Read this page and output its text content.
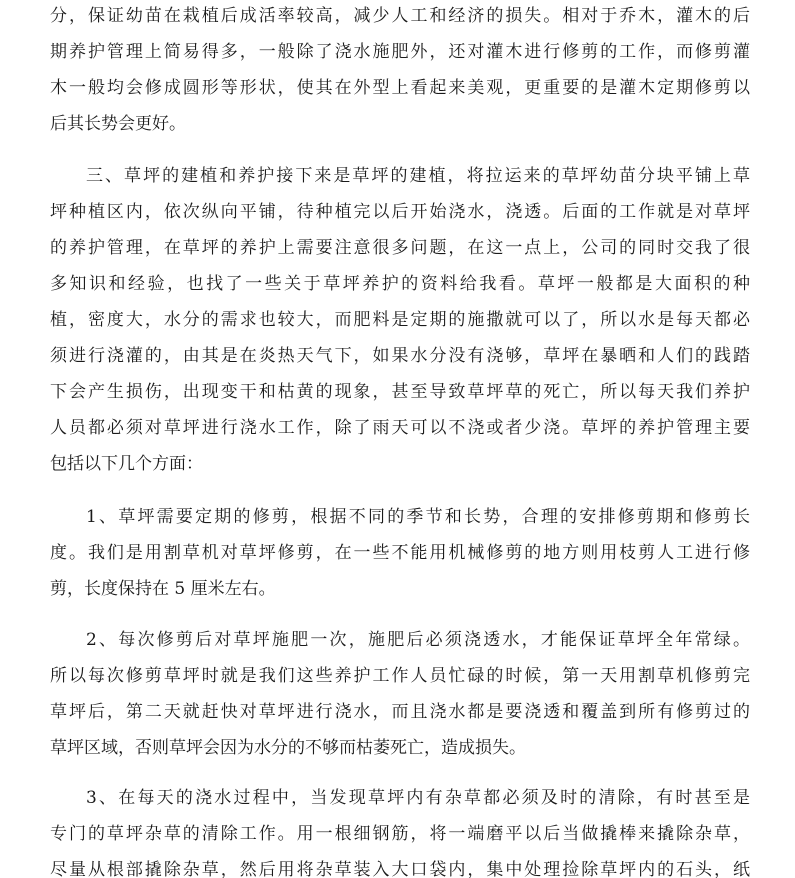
分，保证幼苗在栽植后成活率较高，减少人工和经济的损失。相对于乔木，灌木的后
期养护管理上简易得多，一般除了浇水施肥外，还对灌木进行修剪的工作，而修剪灌
木一般均会修成圆形等形状，使其在外型上看起来美观，更重要的是灌木定期修剪以
后其长势会更好。
三、草坪的建植和养护接下来是草坪的建植，将拉运来的草坪幼苗分块平铺上草
坪种植区内，依次纵向平铺，待种植完以后开始浇水，浇透。后面的工作就是对草坪
的养护管理，在草坪的养护上需要注意很多问题，在这一点上，公司的同时交我了很
多知识和经验，也找了一些关于草坪养护的资料给我看。草坪一般都是大面积的种
植，密度大，水分的需求也较大，而肥料是定期的施撒就可以了，所以水是每天都必
须进行浇灌的，由其是在炎热天气下，如果水分没有浇够，草坪在暴晒和人们的践踏
下会产生损伤，出现变干和枯黄的现象，甚至导致草坪草的死亡，所以每天我们养护
人员都必须对草坪进行浇水工作，除了雨天可以不浇或者少浇。草坪的养护管理主要
包括以下几个方面：
1、草坪需要定期的修剪，根据不同的季节和长势，合理的安排修剪期和修剪长
度。我们是用割草机对草坪修剪，在一些不能用机械修剪的地方则用枝剪人工进行修
剪，长度保持在 5 厘米左右。
2、每次修剪后对草坪施肥一次，施肥后必须浇透水，才能保证草坪全年常绿。
所以每次修剪草坪时就是我们这些养护工作人员忙碌的时候，第一天用割草机修剪完
草坪后，第二天就赶快对草坪进行浇水，而且浇水都是要浇透和覆盖到所有修剪过的
草坪区域，否则草坪会因为水分的不够而枯萎死亡，造成损失。
3、在每天的浇水过程中，当发现草坪内有杂草都必须及时的清除，有时甚至是
专门的草坪杂草的清除工作。用一根细钢筋，将一端磨平以后当做撬棒来撬除杂草，
尽量从根部撬除杂草，然后用将杂草装入大口袋内，集中处理捡除草坪内的石头，纸
